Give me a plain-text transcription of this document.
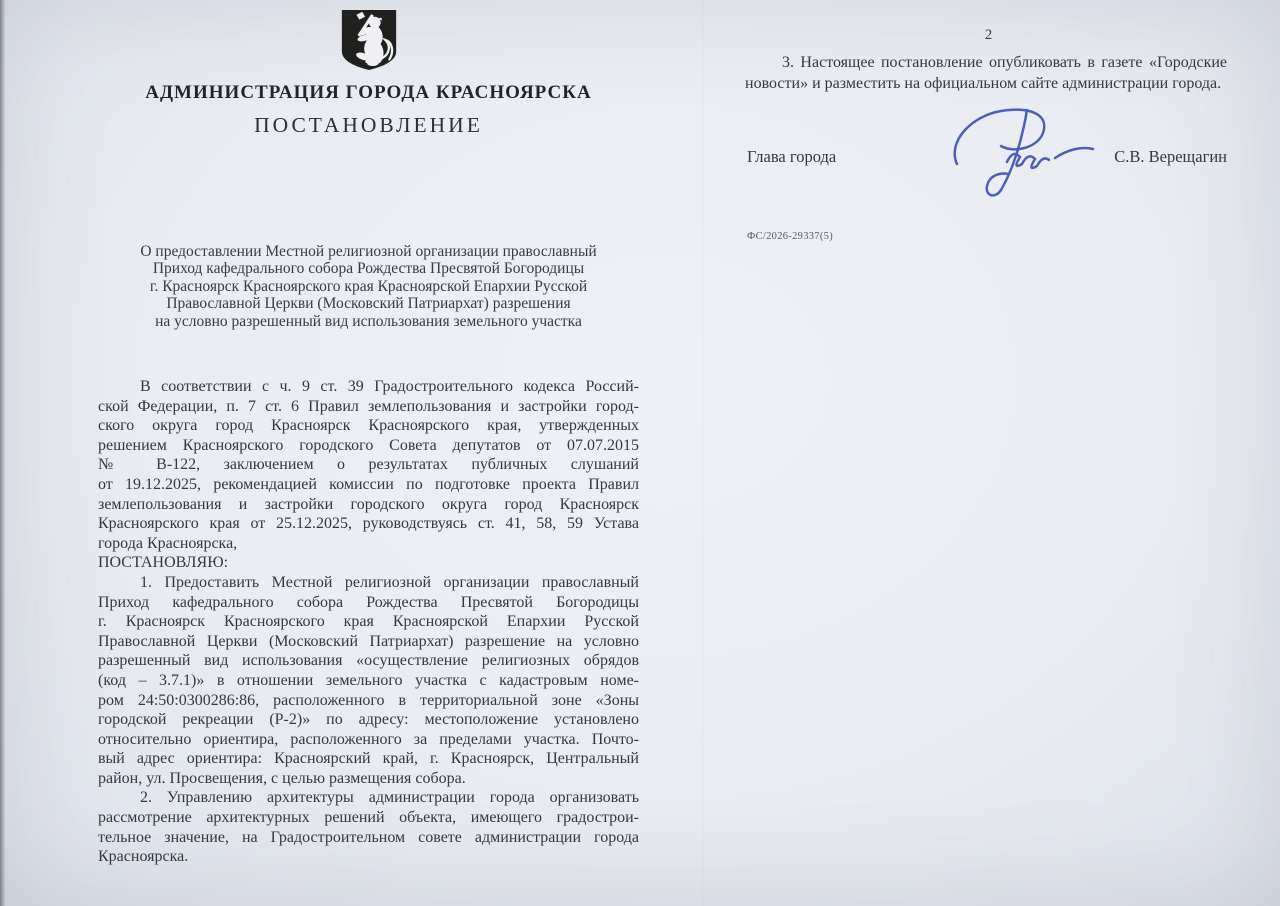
АДМИНИСТРАЦИЯ ГОРОДА КРАСНОЯРСКА
ПОСТАНОВЛЕНИЕ
О предоставлении Местной религиозной организации православный
Приход кафедрального собора Рождества Пресвятой Богородицы
г. Красноярск Красноярского края Красноярской Епархии Русской
Православной Церкви (Московский Патриархат) разрешения
на условно разрешенный вид использования земельного участка
В соответствии с ч. 9 ст. 39 Градостроительного кодекса Россий-
ской Федерации, п. 7 ст. 6 Правил землепользования и застройки город-
ского округа город Красноярск Красноярского края, утвержденных
решением Красноярского городского Совета депутатов от 07.07.2015
№ В-122, заключением о результатах публичных слушаний
от 19.12.2025, рекомендацией комиссии по подготовке проекта Правил
землепользования и застройки городского округа город Красноярск
Красноярского края от 25.12.2025, руководствуясь ст. 41, 58, 59 Устава
города Красноярска,
ПОСТАНОВЛЯЮ:
1. Предоставить Местной религиозной организации православный
Приход кафедрального собора Рождества Пресвятой Богородицы
г. Красноярск Красноярского края Красноярской Епархии Русской
Православной Церкви (Московский Патриархат) разрешение на условно
разрешенный вид использования «осуществление религиозных обрядов
(код – 3.7.1)» в отношении земельного участка с кадастровым номе-
ром 24:50:0300286:86, расположенного в территориальной зоне «Зоны
городской рекреации (Р-2)» по адресу: местоположение установлено
относительно ориентира, расположенного за пределами участка. Почто-
вый адрес ориентира: Красноярский край, г. Красноярск, Центральный
район, ул. Просвещения, с целью размещения собора.
2. Управлению архитектуры администрации города организовать
рассмотрение архитектурных решений объекта, имеющего градострои-
тельное значение, на Градостроительном совете администрации города
Красноярска.
2
3. Настоящее постановление опубликовать в газете «Городские
новости» и разместить на официальном сайте администрации города.
Глава города	С.В. Верещагин
ФС/2026-29337(5)
